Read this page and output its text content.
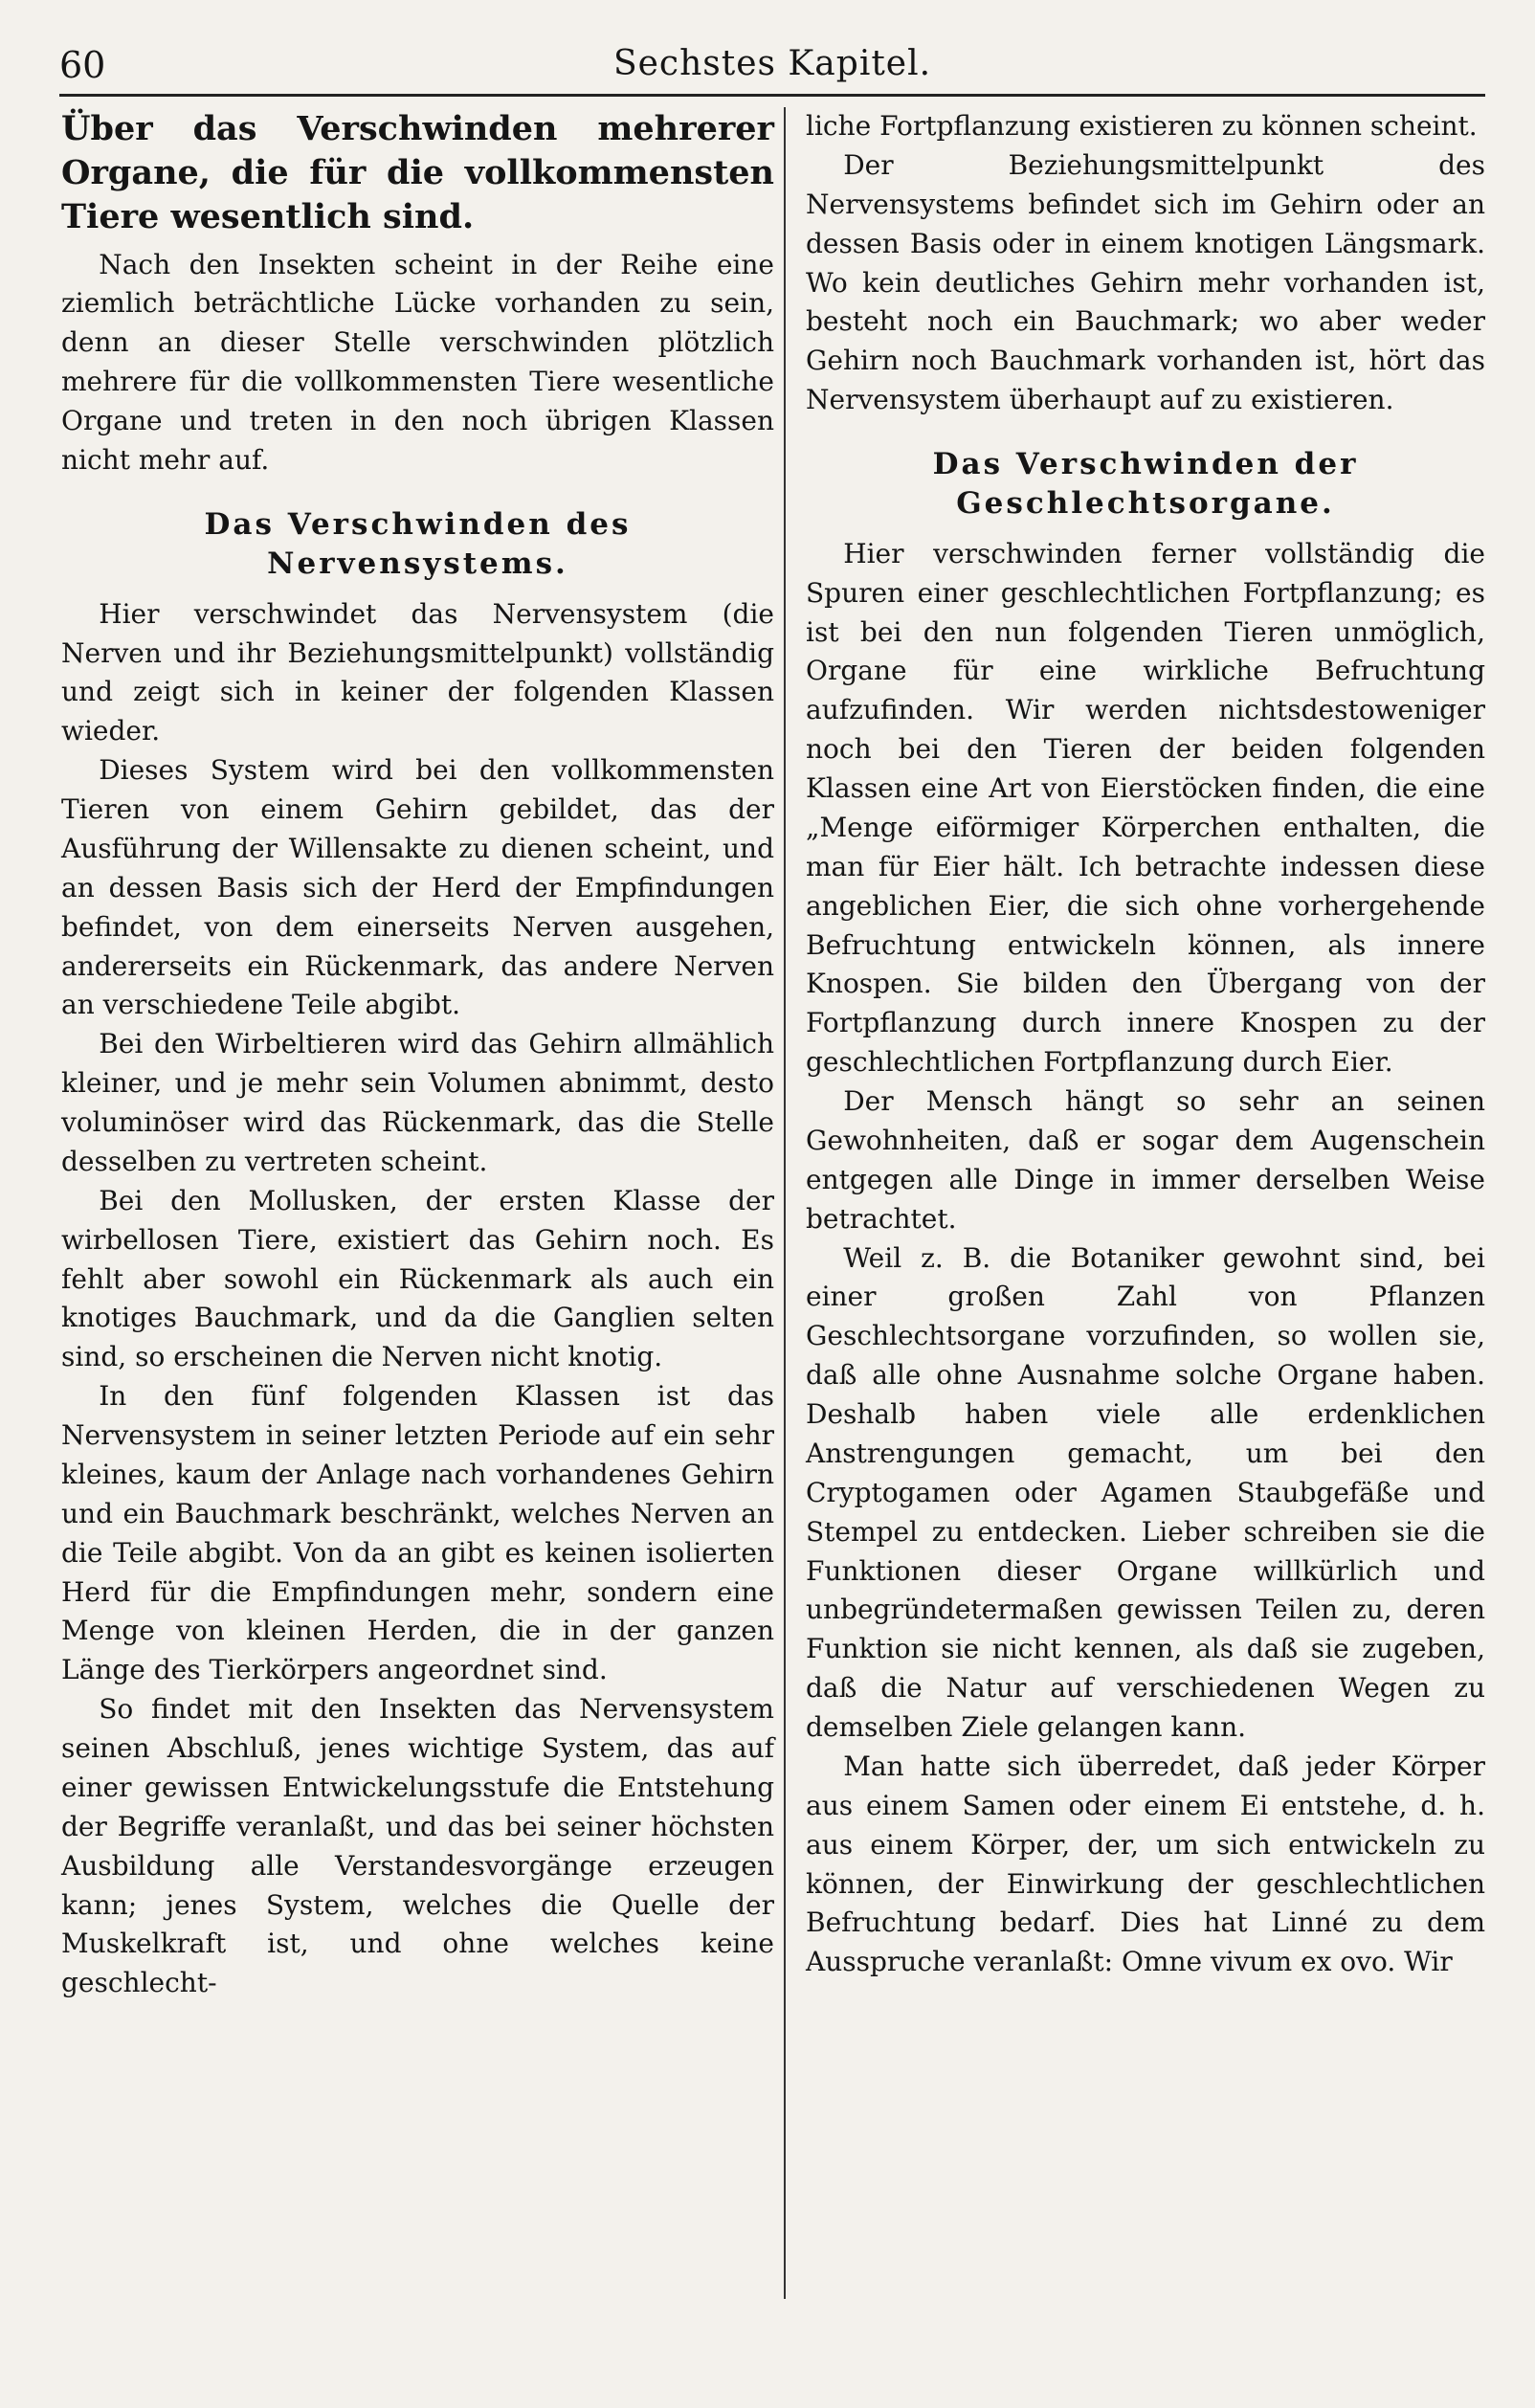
60	Sechstes Kapitel.
Über das Verschwinden mehrerer Organe, die für die vollkommensten Tiere wesentlich sind.

Nach den Insekten scheint in der Reihe eine ziemlich beträchtliche Lücke vorhanden zu sein, denn an dieser Stelle verschwinden plötzlich mehrere für die vollkommensten Tiere wesentliche Organe und treten in den noch übrigen Klassen nicht mehr auf.

Das Verschwinden des Nervensystems.

Hier verschwindet das Nervensystem (die Nerven und ihr Beziehungsmittelpunkt) vollständig und zeigt sich in keiner der folgenden Klassen wieder.

Dieses System wird bei den vollkommensten Tieren von einem Gehirn gebildet, das der Ausführung der Willensakte zu dienen scheint, und an dessen Basis sich der Herd der Empfindungen befindet, von dem einerseits Nerven ausgehen, andererseits ein Rückenmark, das andere Nerven an verschiedene Teile abgibt.

Bei den Wirbeltieren wird das Gehirn allmählich kleiner, und je mehr sein Volumen abnimmt, desto voluminöser wird das Rückenmark, das die Stelle desselben zu vertreten scheint.

Bei den Mollusken, der ersten Klasse der wirbellosen Tiere, existiert das Gehirn noch. Es fehlt aber sowohl ein Rückenmark als auch ein knotiges Bauchmark, und da die Ganglien selten sind, so erscheinen die Nerven nicht knotig.

In den fünf folgenden Klassen ist das Nervensystem in seiner letzten Periode auf ein sehr kleines, kaum der Anlage nach vorhandenes Gehirn und ein Bauchmark beschränkt, welches Nerven an die Teile abgibt. Von da an gibt es keinen isolierten Herd für die Empfindungen mehr, sondern eine Menge von kleinen Herden, die in der ganzen Länge des Tierkörpers angeordnet sind.

So findet mit den Insekten das Nervensystem seinen Abschluß, jenes wichtige System, das auf einer gewissen Entwickelungsstufe die Entstehung der Begriffe veranlaßt, und das bei seiner höchsten Ausbildung alle Verstandesvorgänge erzeugen kann; jenes System, welches die Quelle der Muskelkraft ist, und ohne welches keine geschlecht-

liche Fortpflanzung existieren zu können scheint.

Der Beziehungsmittelpunkt des Nervensystems befindet sich im Gehirn oder an dessen Basis oder in einem knotigen Längsmark. Wo kein deutliches Gehirn mehr vorhanden ist, besteht noch ein Bauchmark; wo aber weder Gehirn noch Bauchmark vorhanden ist, hört das Nervensystem überhaupt auf zu existieren.

Das Verschwinden der Geschlechtsorgane.

Hier verschwinden ferner vollständig die Spuren einer geschlechtlichen Fortpflanzung; es ist bei den nun folgenden Tieren unmöglich, Organe für eine wirkliche Befruchtung aufzufinden. Wir werden nichtsdestoweniger noch bei den Tieren der beiden folgenden Klassen eine Art von Eierstöcken finden, die eine „Menge eiförmiger Körperchen enthalten, die man für Eier hält. Ich betrachte indessen diese angeblichen Eier, die sich ohne vorhergehende Befruchtung entwickeln können, als innere Knospen. Sie bilden den Übergang von der Fortpflanzung durch innere Knospen zu der geschlechtlichen Fortpflanzung durch Eier.

Der Mensch hängt so sehr an seinen Gewohnheiten, daß er sogar dem Augenschein entgegen alle Dinge in immer derselben Weise betrachtet.

Weil z. B. die Botaniker gewohnt sind, bei einer großen Zahl von Pflanzen Geschlechtsorgane vorzufinden, so wollen sie, daß alle ohne Ausnahme solche Organe haben. Deshalb haben viele alle erdenklichen Anstrengungen gemacht, um bei den Cryptogamen oder Agamen Staubgefäße und Stempel zu entdecken. Lieber schreiben sie die Funktionen dieser Organe willkürlich und unbegründetermaßen gewissen Teilen zu, deren Funktion sie nicht kennen, als daß sie zugeben, daß die Natur auf verschiedenen Wegen zu demselben Ziele gelangen kann.

Man hatte sich überredet, daß jeder Körper aus einem Samen oder einem Ei entstehe, d. h. aus einem Körper, der, um sich entwickeln zu können, der Einwirkung der geschlechtlichen Befruchtung bedarf. Dies hat Linné zu dem Ausspruche veranlaßt: Omne vivum ex ovo. Wir
